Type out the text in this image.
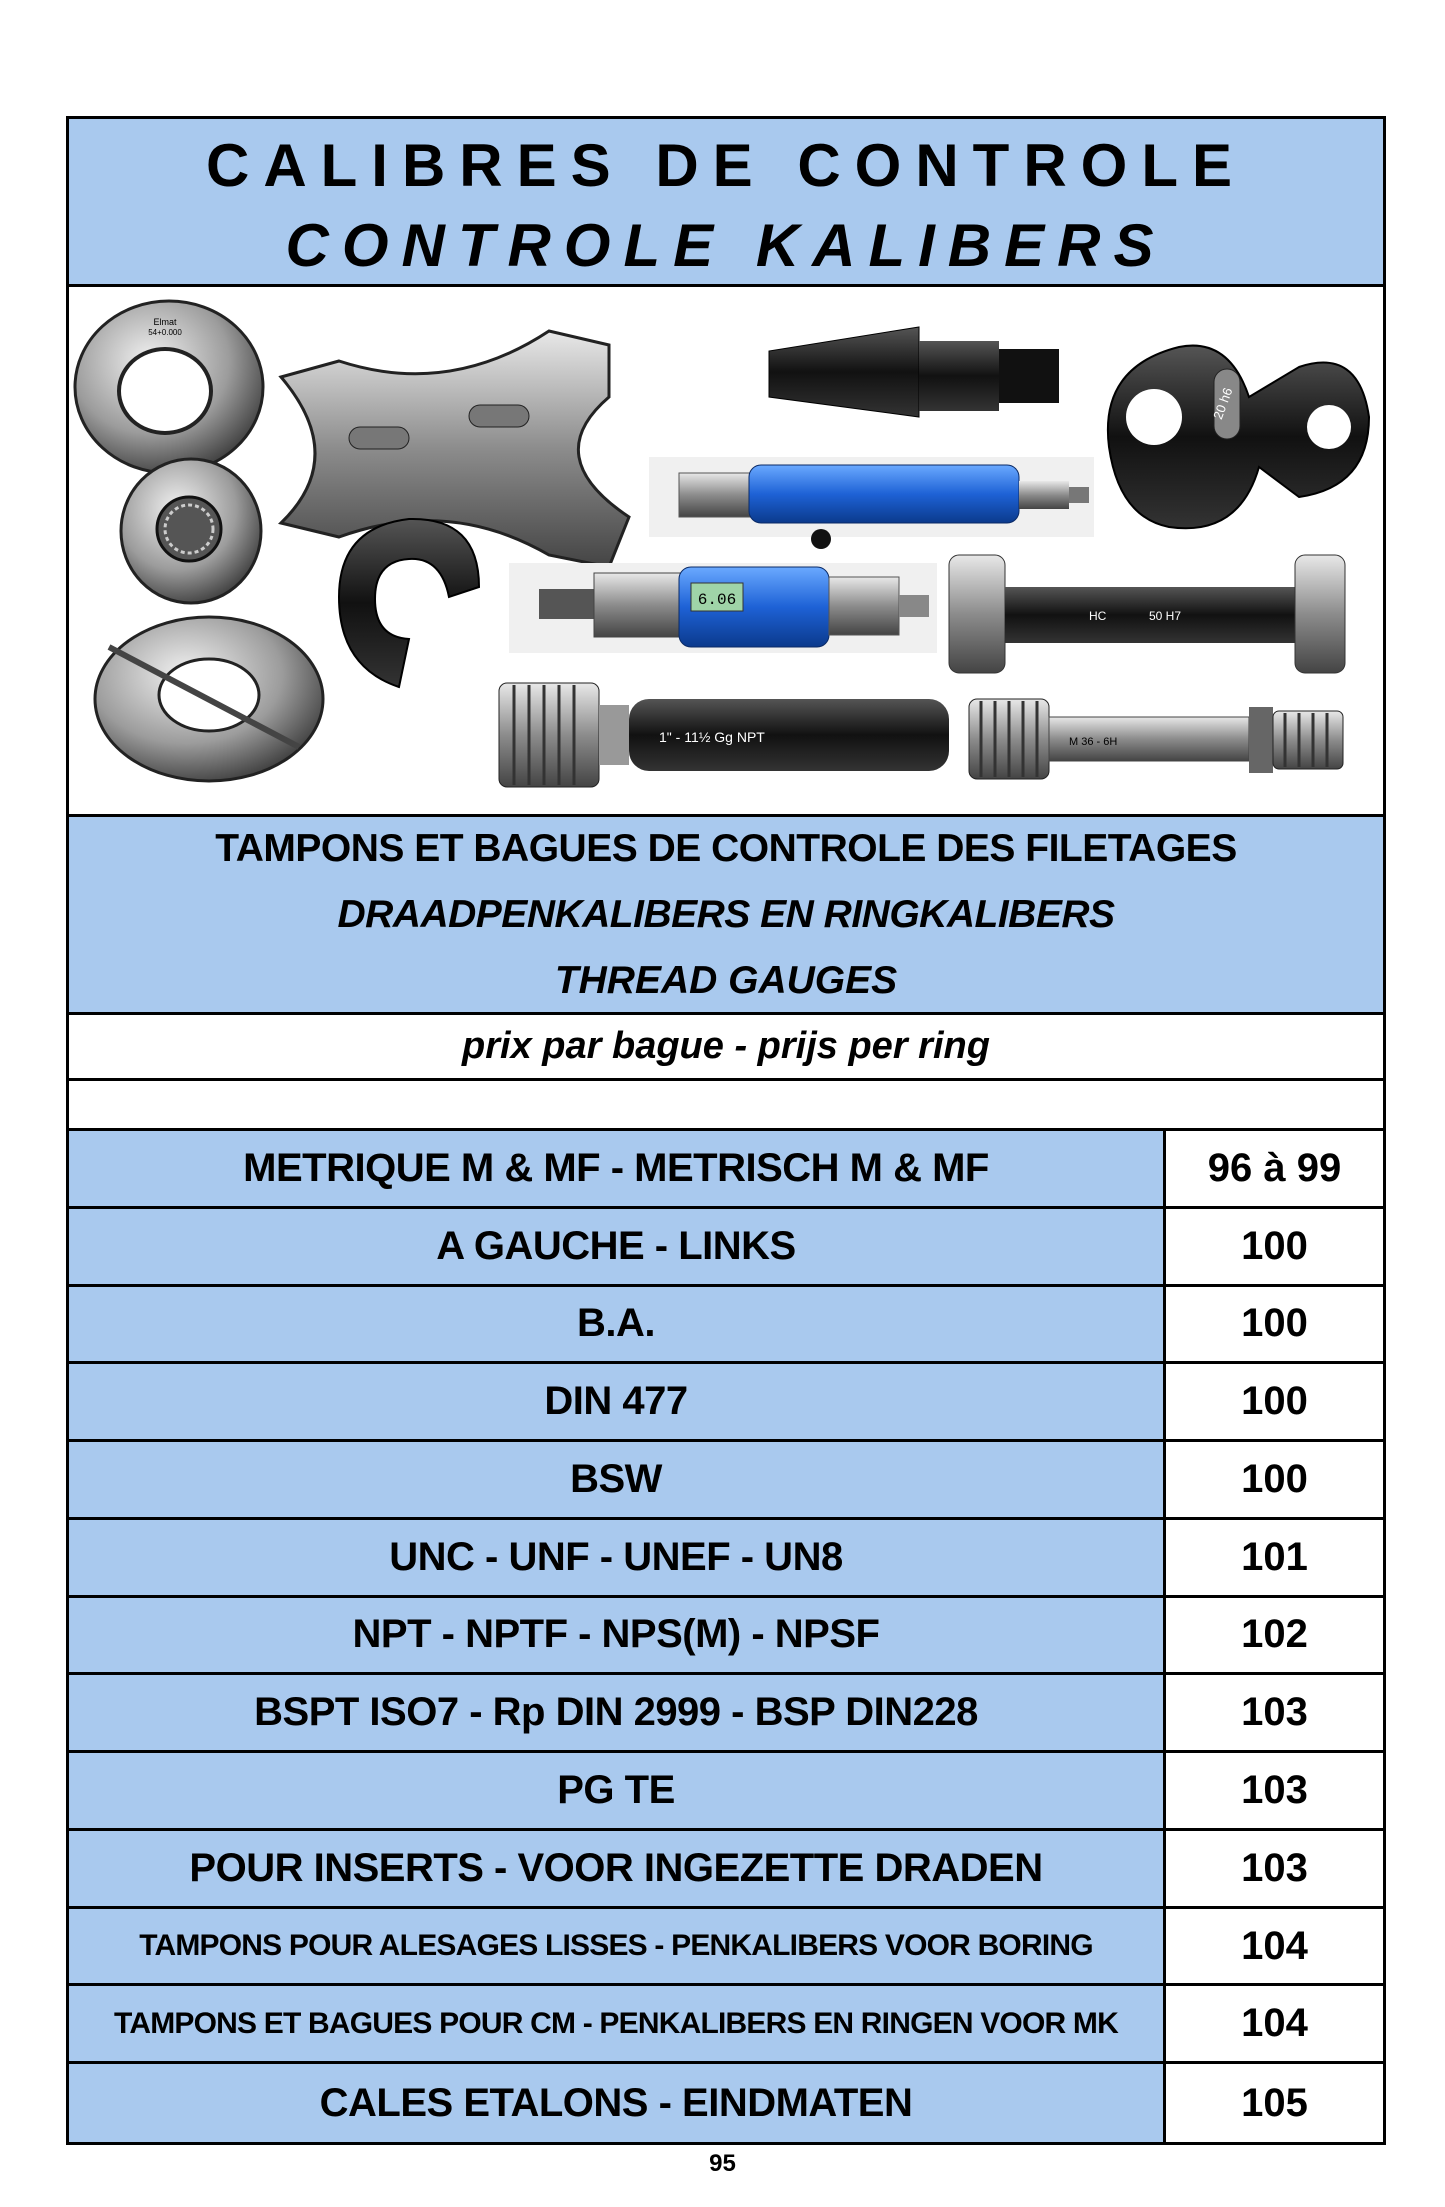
CALIBRES DE CONTROLE
CONTROLE KALIBERS
Elmat
54+0.000
20 h6
6.06
HC	50 H7
1" - 11½ Gg NPT	M 36 - 6H
TAMPONS ET BAGUES DE CONTROLE DES FILETAGES
DRAADPENKALIBERS EN RINGKALIBERS
THREAD GAUGES
prix par bague - prijs per ring
METRIQUE M & MF - METRISCH M & MF	96 à 99
A GAUCHE - LINKS	100
B.A.	100
DIN 477	100
BSW	100
UNC - UNF - UNEF - UN8	101
NPT - NPTF - NPS(M) - NPSF	102
BSPT ISO7 - Rp DIN 2999 - BSP DIN228	103
PG TE	103
POUR INSERTS - VOOR INGEZETTE DRADEN	103
TAMPONS POUR ALESAGES LISSES - PENKALIBERS VOOR BORING	104
TAMPONS ET BAGUES POUR CM - PENKALIBERS EN RINGEN VOOR MK	104
CALES ETALONS - EINDMATEN	105
95
